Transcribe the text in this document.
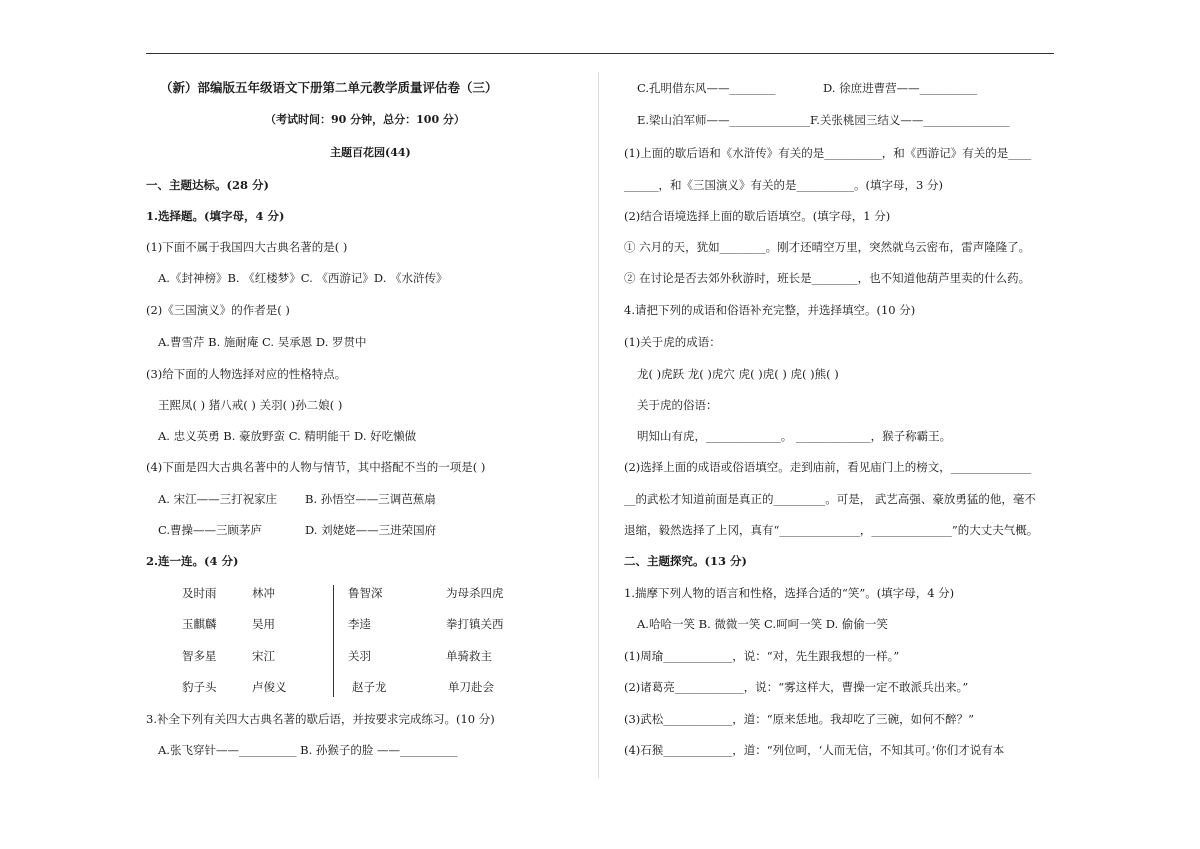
（新）部编版五年级语文下册第二单元教学质量评估卷（三）
（考试时间：90 分钟，总分：100 分）
主题百花园(44)
一、主题达标。(28 分)
1.选择题。(填字母，4 分)
(1)下面不属于我国四大古典名著的是( )
A.《封神榜》B. 《红楼梦》C. 《西游记》D. 《水浒传》
(2)《三国演义》的作者是( )
A.曹雪芹 B. 施耐庵 C. 吴承恩 D. 罗贯中
(3)给下面的人物选择对应的性格特点。
王熙凤( ) 猪八戒( ) 关羽( )孙二娘( )
A. 忠义英勇 B. 豪放野蛮 C. 精明能干 D. 好吃懒做
(4)下面是四大古典名著中的人物与情节，其中搭配不当的一项是( )
A. 宋江——三打祝家庄 B. 孙悟空——三调芭蕉扇
C.曹操——三顾茅庐	D. 刘姥姥——三进荣国府
2.连一连。(4 分)
及时雨	林冲	鲁智深	为母杀四虎
玉麒麟	吴用	李逵	拳打镇关西
智多星	宋江	关羽	单骑救主
豹子头	卢俊义	赵子龙	单刀赴会
3.补全下列有关四大古典名著的歇后语，并按要求完成练习。(10 分)
A.张飞穿针——__________ B. 孙猴子的脸 ——__________
C.孔明借东风——________	D. 徐庶进曹营——__________
E.梁山泊军师——______________F.关张桃园三结义——_______________
(1)上面的歇后语和《水浒传》有关的是__________，和《西游记》有关的是____
______，和《三国演义》有关的是__________。(填字母，3 分)
(2)结合语境选择上面的歇后语填空。(填字母，1 分)
① 六月的天，犹如________。刚才还晴空万里，突然就乌云密布，雷声隆隆了。
② 在讨论是否去郊外秋游时，班长是________，也不知道他葫芦里卖的什么药。
4.请把下列的成语和俗语补充完整，并选择填空。(10 分)
(1)关于虎的成语：
龙( )虎跃 龙( )虎穴 虎( )虎( ) 虎( )熊( )
关于虎的俗语：
明知山有虎，_____________。 _____________，猴子称霸王。
(2)选择上面的成语或俗语填空。走到庙前，看见庙门上的榜文，______________
__的武松才知道前面是真正的_________。可是， 武艺高强、豪放勇猛的他，毫不
退缩，毅然选择了上冈，真有“______________，______________”的大丈夫气概。
二、主题探究。(13 分)
1.揣摩下列人物的语言和性格，选择合适的“笑”。(填字母，4 分)
A.哈哈一笑 B. 微微一笑 C.呵呵一笑 D. 偷偷一笑
(1)周瑜____________，说：“对，先生跟我想的一样。”
(2)诸葛亮____________，说：“雾这样大，曹操一定不敢派兵出来。”
(3)武松____________，道：“原来恁地。我却吃了三碗，如何不醉？”
(4)石猴____________，道：“列位呵，‘人而无信，不知其可。’你们才说有本
